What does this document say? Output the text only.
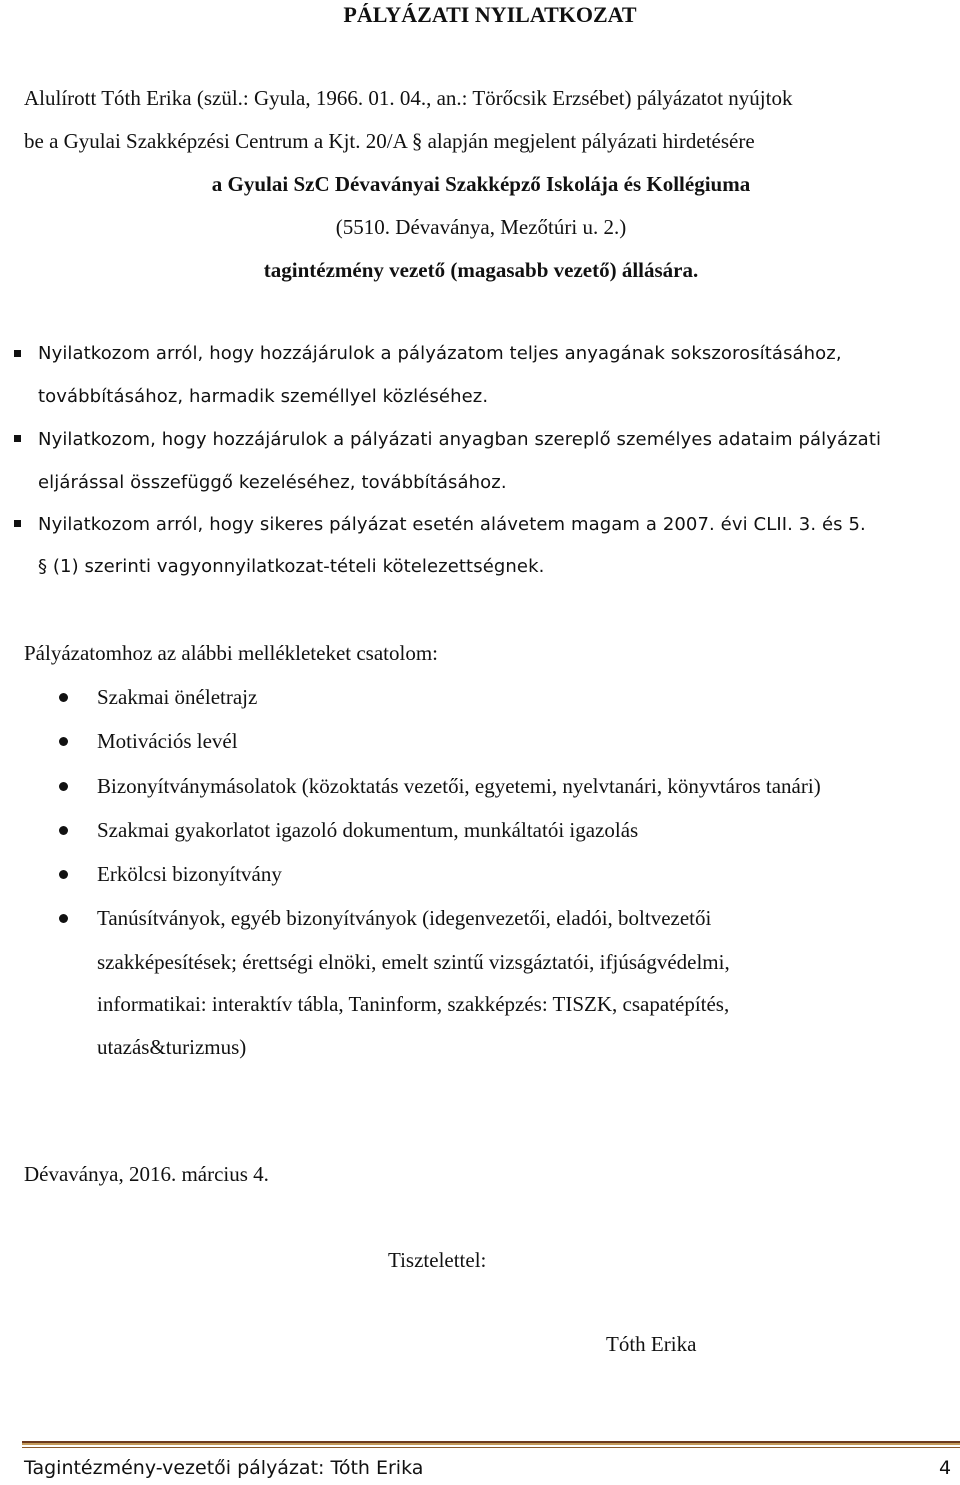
PÁLYÁZATI NYILATKOZAT
Alulírott Tóth Erika (szül.: Gyula, 1966. 01. 04., an.: Törőcsik Erzsébet) pályázatot nyújtok
be a Gyulai Szakképzési Centrum a Kjt. 20/A § alapján megjelent pályázati hirdetésére
a Gyulai SzC Dévaványai Szakképző Iskolája és Kollégiuma
(5510. Dévaványa, Mezőtúri u. 2.)
tagintézmény vezető (magasabb vezető) állására.
Nyilatkozom arról, hogy hozzájárulok a pályázatom teljes anyagának sokszorosításához,
továbbításához, harmadik személlyel közléséhez.
Nyilatkozom, hogy hozzájárulok a pályázati anyagban szereplő személyes adataim pályázati
eljárással összefüggő kezeléséhez, továbbításához.
Nyilatkozom arról, hogy sikeres pályázat esetén alávetem magam a 2007. évi CLII. 3. és 5.
§ (1) szerinti vagyonnyilatkozat-tételi kötelezettségnek.
Pályázatomhoz az alábbi mellékleteket csatolom:
Szakmai önéletrajz
Motivációs levél
Bizonyítványmásolatok (közoktatás vezetői, egyetemi, nyelvtanári, könyvtáros tanári)
Szakmai gyakorlatot igazoló dokumentum, munkáltatói igazolás
Erkölcsi bizonyítvány
Tanúsítványok, egyéb bizonyítványok (idegenvezetői, eladói, boltvezetői
szakképesítések; érettségi elnöki, emelt szintű vizsgáztatói, ifjúságvédelmi,
informatikai: interaktív tábla, Taninform, szakképzés: TISZK, csapatépítés,
utazás&turizmus)
Dévaványa, 2016. március 4.
Tisztelettel:
Tóth Erika
Tagintézmény-vezetői pályázat: Tóth Erika	4
